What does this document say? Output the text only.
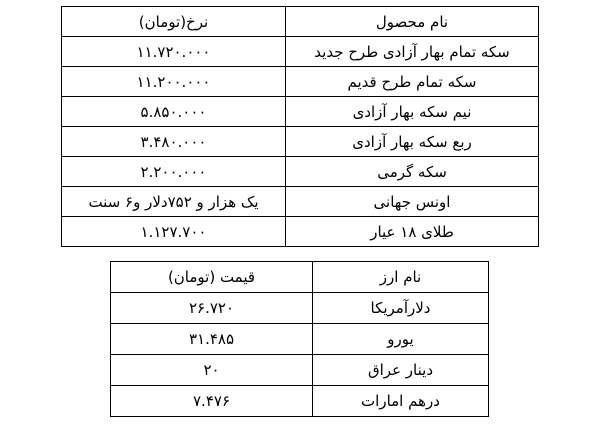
نام محصول	نرخ(تومان)
سکه تمام بهار آزادی طرح جدید	۱۱.۷۲۰.۰۰۰
سکه تمام طرح قدیم	۱۱.۲۰۰.۰۰۰
نیم سکه بهار آزادی	۵.۸۵۰.۰۰۰
ربع سکه بهار آزادی	۳.۴۸۰.۰۰۰
سکه گرمی	۲.۲۰۰.۰۰۰
اونس جهانی	یک هزار و ۷۵۲دلار و۶ سنت
طلای ۱۸ عیار	۱.۱۲۷.۷۰۰
نام ارز	قیمت (تومان)
دلارآمریکا	۲۶.۷۲۰
یورو	۳۱.۴۸۵
دینار عراق	۲۰
درهم امارات	۷.۴۷۶
